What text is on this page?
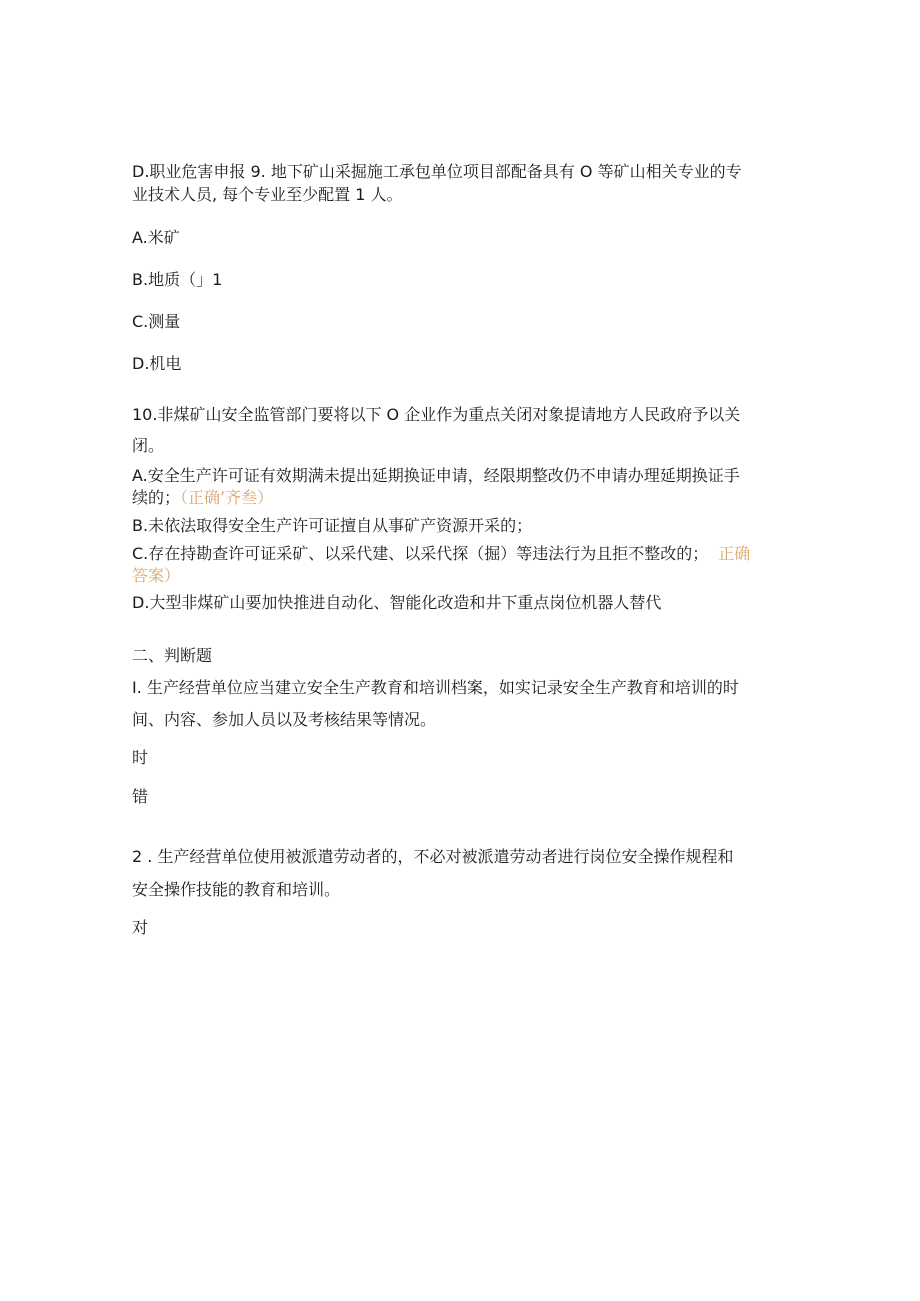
D.职业危害申报 9. 地下矿山采掘施工承包单位项目部配备具有 O 等矿山相关专业的专
业技术人员, 每个专业至少配置 1 人。
A.米矿
B.地质（」1
C.测量
D.机电
10.非煤矿山安全监管部门要将以下 O 企业作为重点关闭对象提请地方人民政府予以关
闭。
A.安全生产许可证有效期满未提出延期换证申请，经限期整改仍不申请办理延期换证手
续的；（正确’齐叁）
B.未依法取得安全生产许可证擅自从事矿产资源开采的；
C.存在持勘查许可证采矿、以采代建、以采代探（掘）等违法行为且拒不整改的； 正确
答案）
D.大型非煤矿山要加快推进自动化、智能化改造和井下重点岗位机器人替代
二、判断题
I. 生产经营单位应当建立安全生产教育和培训档案，如实记录安全生产教育和培训的时
间、内容、参加人员以及考核结果等情况。
时
错
2 . 生产经营单位使用被派遣劳动者的，不必对被派遣劳动者进行岗位安全操作规程和
安全操作技能的教育和培训。
对
